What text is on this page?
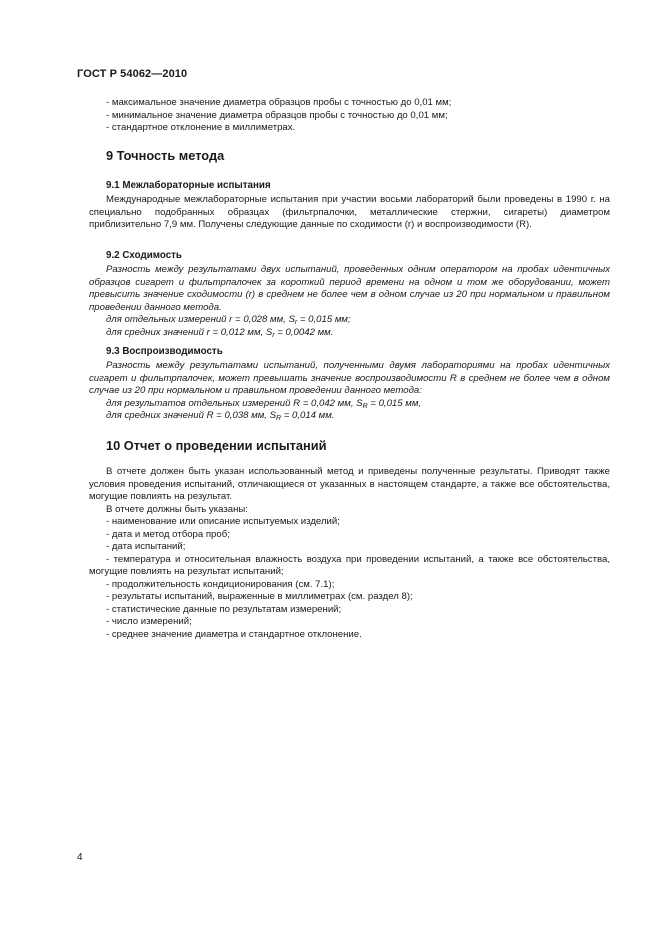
ГОСТ Р 54062—2010

- максимальное значение диаметра образцов пробы с точностью до 0,01 мм;

- минимальное значение диаметра образцов пробы с точностью до 0,01 мм;

- стандартное отклонение в миллиметрах.

9 Точность метода

9.1 Межлабораторные испытания

Международные межлабораторные испытания при участии восьми лабораторий были проведены в 1990 г. на специально подобранных образцах (фильтрпалочки, металлические стержни, сигареты) диаметром приблизительно 7,9 мм. Получены следующие данные по сходимости (r) и воспроизводимости (R).

9.2 Сходимость

Разность между результатами двух испытаний, проведенных одним оператором на пробах идентичных образцов сигарет и фильтрпалочек за короткий период времени на одном и том же оборудовании, может превысить значение сходимости (r) в среднем не более чем в одном случае из 20 при нормальном и правильном проведении данного метода.

для отдельных измерений r = 0,028 мм, $S_r = 0,015$ мм;

для средних значений r = 0,012 мм, $S_r = 0,0042$ мм.

9.3 Воспроизводимость

Разность между результатами испытаний, полученными двумя лабораториями на пробах идентичных сигарет и фильтрпалочек, может превышать значение воспроизводимости R в среднем не более чем в одном случае из 20 при нормальном и правильном проведении данного метода:

для результатов отдельных измерений R = 0,042 мм, $S_R = 0,015$ мм,

для средних значений R = 0,038 мм, $S_R = 0,014$ мм.

10 Отчет о проведении испытаний

В отчете должен быть указан использованный метод и приведены полученные результаты. Приводят также условия проведения испытаний, отличающиеся от указанных в настоящем стандарте, а также все обстоятельства, могущие повлиять на результат.

В отчете должны быть указаны:

- наименование или описание испытуемых изделий;

- дата и метод отбора проб;

- дата испытаний;

- температура и относительная влажность воздуха при проведении испытаний, а также все обстоятельства, могущие повлиять на результат испытаний;

- продолжительность кондиционирования (см. 7.1);

- результаты испытаний, выраженные в миллиметрах (см. раздел 8);

- статистические данные по результатам измерений;

- число измерений;

- среднее значение диаметра и стандартное отклонение.

4
